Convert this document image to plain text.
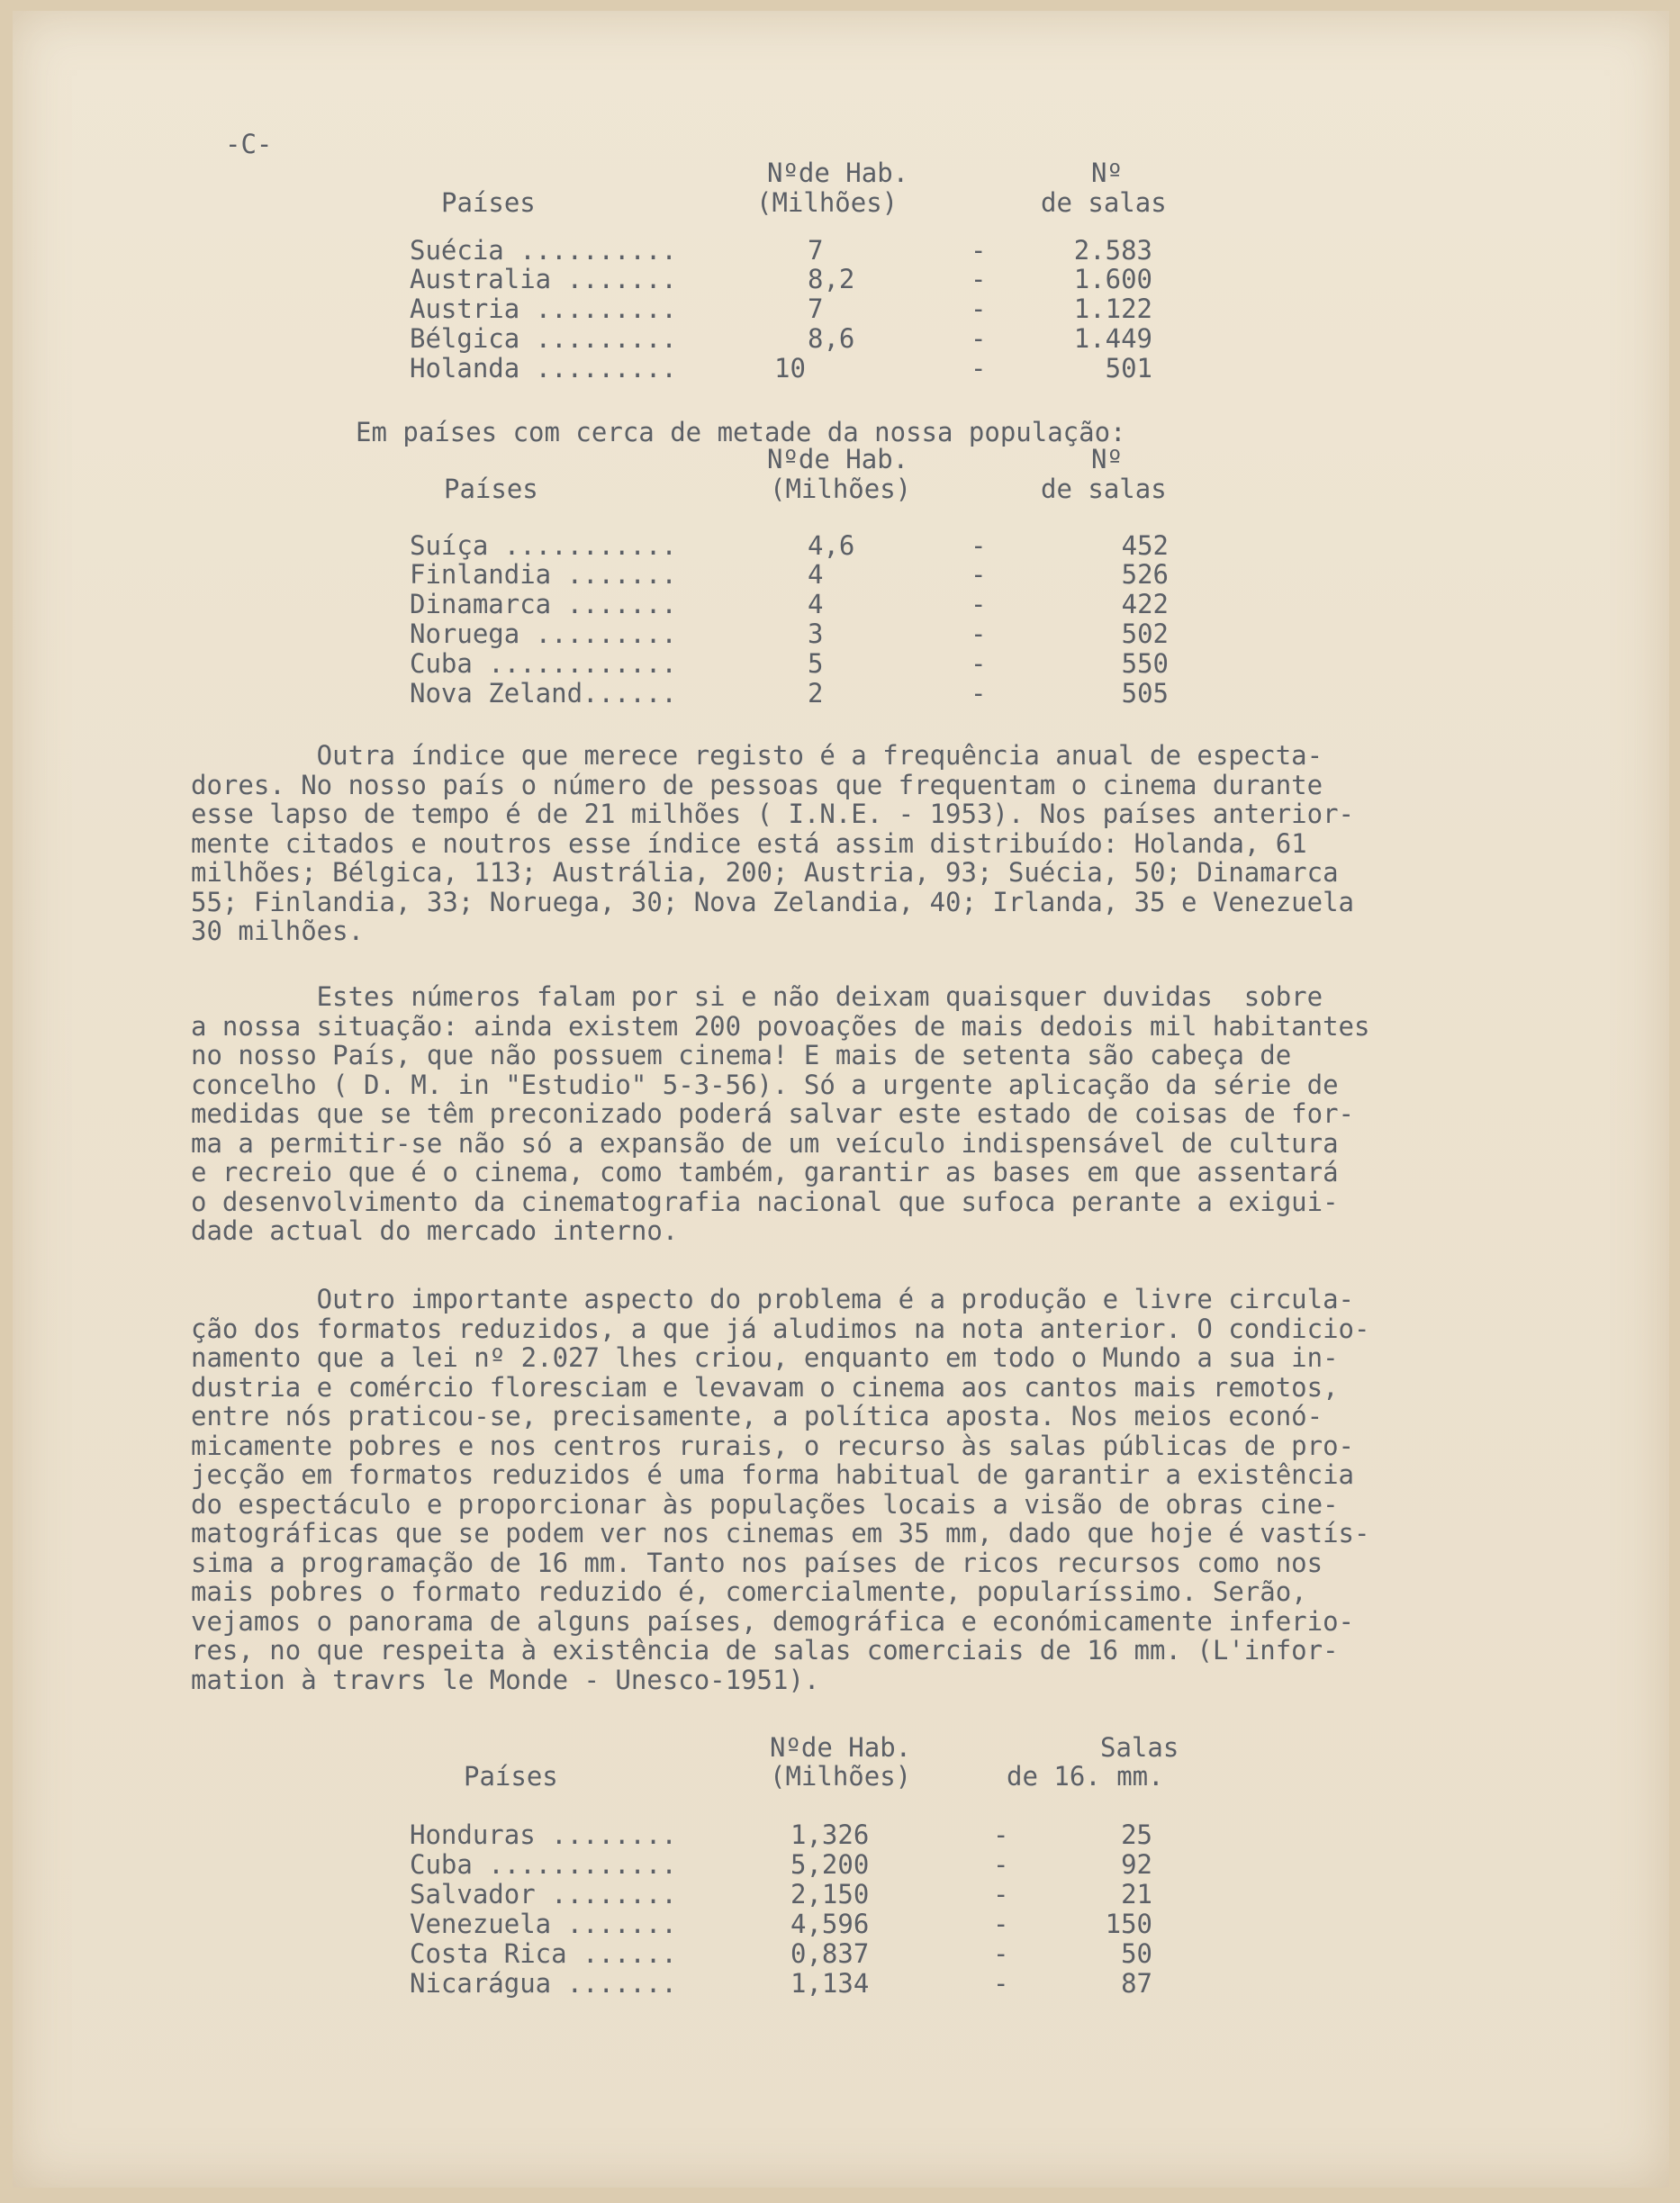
-C-
Nºde Hab.	Nº
Países	(Milhões)	de salas
Suécia ..........	7	-	2.583
Australia .......	8,2	-	1.600
Austria .........	7	-	1.122
Bélgica .........	8,6	-	1.449
Holanda .........	10	-	501
Em países com cerca de metade da nossa população:
Nºde Hab.	Nº
Países	(Milhões)	de salas
Suíça ...........	4,6	-	452
Finlandia .......	4	-	526
Dinamarca .......	4	-	422
Noruega .........	3	-	502
Cuba ............	5	-	550
Nova Zeland......	2	-	505
Outra índice que merece registo é a frequência anual de especta-
dores. No nosso país o número de pessoas que frequentam o cinema durante
esse lapso de tempo é de 21 milhões ( I.N.E. - 1953). Nos países anterior-
mente citados e noutros esse índice está assim distribuído: Holanda, 61
milhões; Bélgica, 113; Austrália, 200; Austria, 93; Suécia, 50; Dinamarca
55; Finlandia, 33; Noruega, 30; Nova Zelandia, 40; Irlanda, 35 e Venezuela
30 milhões.
Estes números falam por si e não deixam quaisquer duvidas  sobre
a nossa situação: ainda existem 200 povoações de mais dedois mil habitantes
no nosso País, que não possuem cinema! E mais de setenta são cabeça de
concelho ( D. M. in "Estudio" 5-3-56). Só a urgente aplicação da série de
medidas que se têm preconizado poderá salvar este estado de coisas de for-
ma a permitir-se não só a expansão de um veículo indispensável de cultura
e recreio que é o cinema, como também, garantir as bases em que assentará
o desenvolvimento da cinematografia nacional que sufoca perante a exigui-
dade actual do mercado interno.
Outro importante aspecto do problema é a produção e livre circula-
ção dos formatos reduzidos, a que já aludimos na nota anterior. O condicio-
namento que a lei nº 2.027 lhes criou, enquanto em todo o Mundo a sua in-
dustria e comércio floresciam e levavam o cinema aos cantos mais remotos,
entre nós praticou-se, precisamente, a política aposta. Nos meios econó-
micamente pobres e nos centros rurais, o recurso às salas públicas de pro-
jecção em formatos reduzidos é uma forma habitual de garantir a existência
do espectáculo e proporcionar às populações locais a visão de obras cine-
matográficas que se podem ver nos cinemas em 35 mm, dado que hoje é vastís-
sima a programação de 16 mm. Tanto nos países de ricos recursos como nos
mais pobres o formato reduzido é, comercialmente, popularíssimo. Serão,
vejamos o panorama de alguns países, demográfica e económicamente inferio-
res, no que respeita à existência de salas comerciais de 16 mm. (L'infor-
mation à travrs le Monde - Unesco-1951).
Nºde Hab.	Salas
Países	(Milhões)	de 16. mm.
Honduras ........	1,326	-	25
Cuba ............	5,200	-	92
Salvador ........	2,150	-	21
Venezuela .......	4,596	-	150
Costa Rica ......	0,837	-	50
Nicarágua .......	1,134	-	87
